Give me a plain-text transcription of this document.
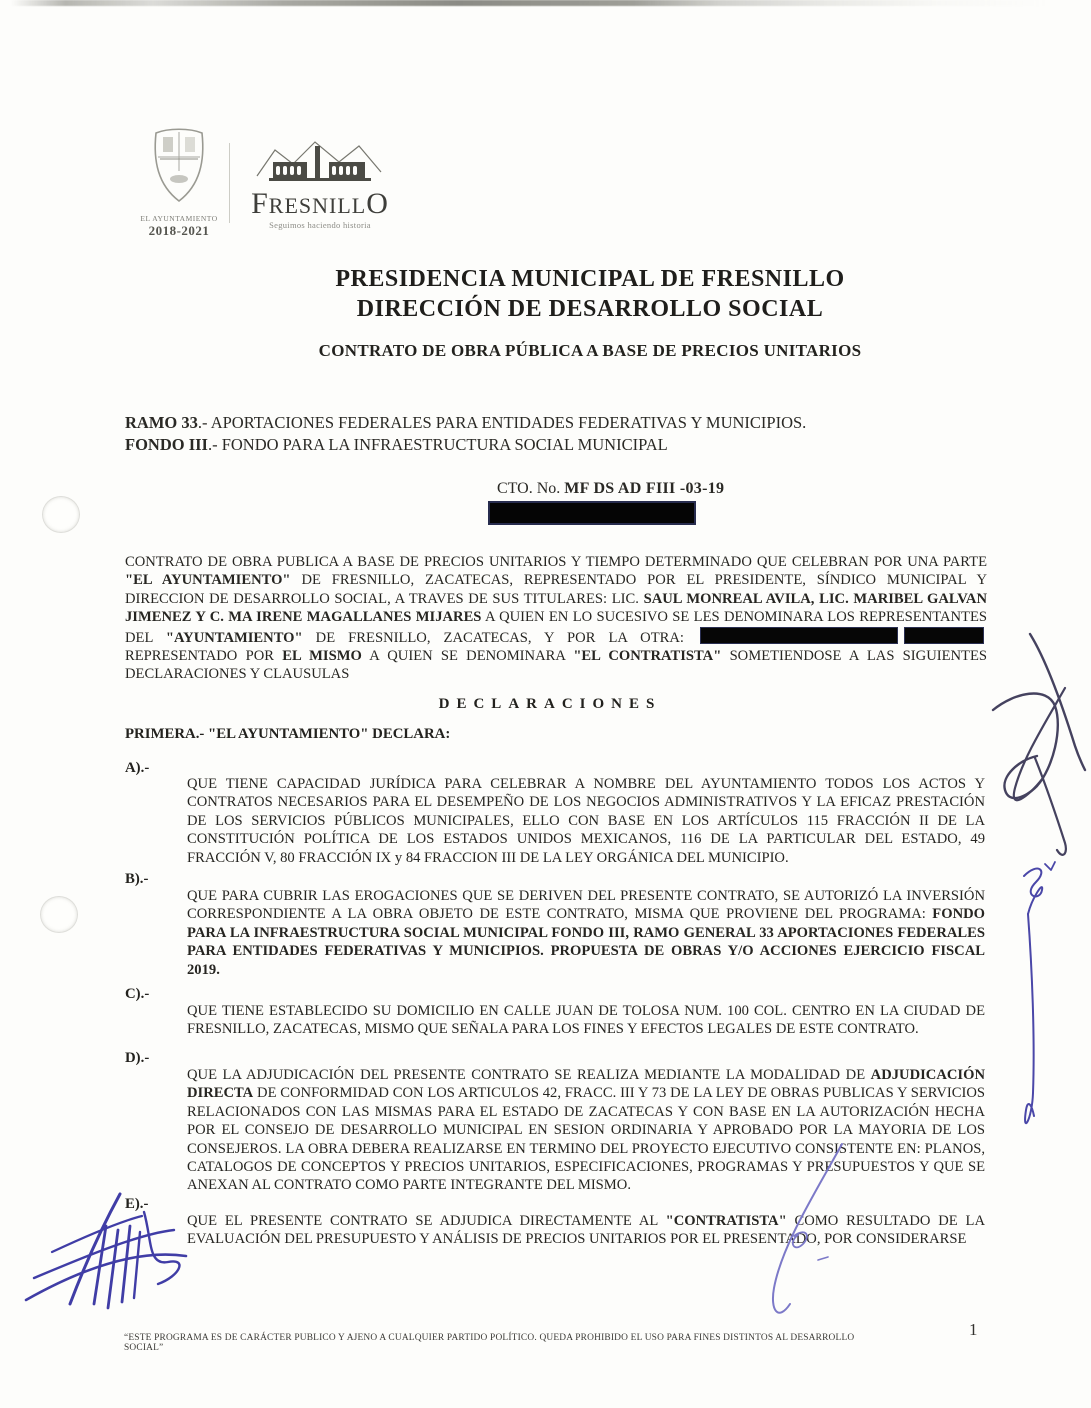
EL AYUNTAMIENTO
2018-2021
FRESNILLO
Seguimos haciendo historia
PRESIDENCIA MUNICIPAL DE FRESNILLO
DIRECCIÓN DE DESARROLLO SOCIAL
CONTRATO DE OBRA PÚBLICA A BASE DE PRECIOS UNITARIOS
RAMO 33.- APORTACIONES FEDERALES PARA ENTIDADES FEDERATIVAS Y MUNICIPIOS.
FONDO III.- FONDO PARA LA INFRAESTRUCTURA SOCIAL MUNICIPAL
CTO. No. MF DS AD FIII -03-19
CONTRATO DE OBRA PUBLICA A BASE DE PRECIOS UNITARIOS Y TIEMPO DETERMINADO QUE CELEBRAN POR UNA PARTE "EL AYUNTAMIENTO" DE FRESNILLO, ZACATECAS, REPRESENTADO POR EL PRESIDENTE, SÍNDICO MUNICIPAL Y DIRECCION DE DESARROLLO SOCIAL, A TRAVES DE SUS TITULARES: LIC. SAUL MONREAL AVILA, LIC. MARIBEL GALVAN JIMENEZ Y C. MA IRENE MAGALLANES MIJARES A QUIEN EN LO SUCESIVO SE LES DENOMINARA LOS REPRESENTANTES DEL "AYUNTAMIENTO" DE FRESNILLO, ZACATECAS, Y POR LA OTRA:  REPRESENTADO POR EL MISMO A QUIEN SE DENOMINARA "EL CONTRATISTA" SOMETIENDOSE A LAS SIGUIENTES DECLARACIONES Y CLAUSULAS
DECLARACIONES
PRIMERA.- "EL AYUNTAMIENTO" DECLARA:
A).-
QUE TIENE CAPACIDAD JURÍDICA PARA CELEBRAR A NOMBRE DEL AYUNTAMIENTO TODOS LOS ACTOS Y CONTRATOS NECESARIOS PARA EL DESEMPEÑO DE LOS NEGOCIOS ADMINISTRATIVOS Y LA EFICAZ PRESTACIÓN DE LOS SERVICIOS PÚBLICOS MUNICIPALES, ELLO CON BASE EN LOS ARTÍCULOS 115 FRACCIÓN II DE LA CONSTITUCIÓN POLÍTICA DE LOS ESTADOS UNIDOS MEXICANOS, 116 DE LA PARTICULAR DEL ESTADO, 49 FRACCIÓN V, 80 FRACCIÓN IX y 84 FRACCION III DE LA LEY ORGÁNICA DEL MUNICIPIO.
B).-
QUE PARA CUBRIR LAS EROGACIONES QUE SE DERIVEN DEL PRESENTE CONTRATO, SE AUTORIZÓ LA INVERSIÓN CORRESPONDIENTE A LA OBRA OBJETO DE ESTE CONTRATO, MISMA QUE PROVIENE DEL PROGRAMA: FONDO PARA LA INFRAESTRUCTURA SOCIAL MUNICIPAL FONDO III, RAMO GENERAL 33 APORTACIONES FEDERALES PARA ENTIDADES FEDERATIVAS Y MUNICIPIOS. PROPUESTA DE OBRAS Y/O ACCIONES EJERCICIO FISCAL 2019.
C).-
QUE TIENE ESTABLECIDO SU DOMICILIO EN CALLE JUAN DE TOLOSA NUM. 100 COL. CENTRO EN LA CIUDAD DE FRESNILLO, ZACATECAS, MISMO QUE SEÑALA PARA LOS FINES Y EFECTOS LEGALES DE ESTE CONTRATO.
D).-
QUE LA ADJUDICACIÓN DEL PRESENTE CONTRATO SE REALIZA MEDIANTE LA MODALIDAD DE ADJUDICACIÓN DIRECTA DE CONFORMIDAD CON LOS ARTICULOS 42, FRACC. III Y 73 DE LA LEY DE OBRAS PUBLICAS Y SERVICIOS RELACIONADOS CON LAS MISMAS PARA EL ESTADO DE ZACATECAS Y CON BASE EN LA AUTORIZACIÓN HECHA POR EL CONSEJO DE DESARROLLO MUNICIPAL EN SESION ORDINARIA Y APROBADO POR LA MAYORIA DE LOS CONSEJEROS. LA OBRA DEBERA REALIZARSE EN TERMINO DEL PROYECTO EJECUTIVO CONSISTENTE EN: PLANOS, CATALOGOS DE CONCEPTOS Y PRECIOS UNITARIOS, ESPECIFICACIONES, PROGRAMAS Y PRESUPUESTOS Y QUE SE ANEXAN AL CONTRATO COMO PARTE INTEGRANTE DEL MISMO.
E).-
QUE EL PRESENTE CONTRATO SE ADJUDICA DIRECTAMENTE AL "CONTRATISTA" COMO RESULTADO DE LA EVALUACIÓN DEL PRESUPUESTO Y ANÁLISIS DE PRECIOS UNITARIOS POR EL PRESENTADO, POR CONSIDERARSE
“ESTE PROGRAMA ES DE CARÁCTER PUBLICO Y AJENO A CUALQUIER PARTIDO POLÍTICO. QUEDA PROHIBIDO EL USO PARA FINES DISTINTOS AL DESARROLLO SOCIAL”
1
